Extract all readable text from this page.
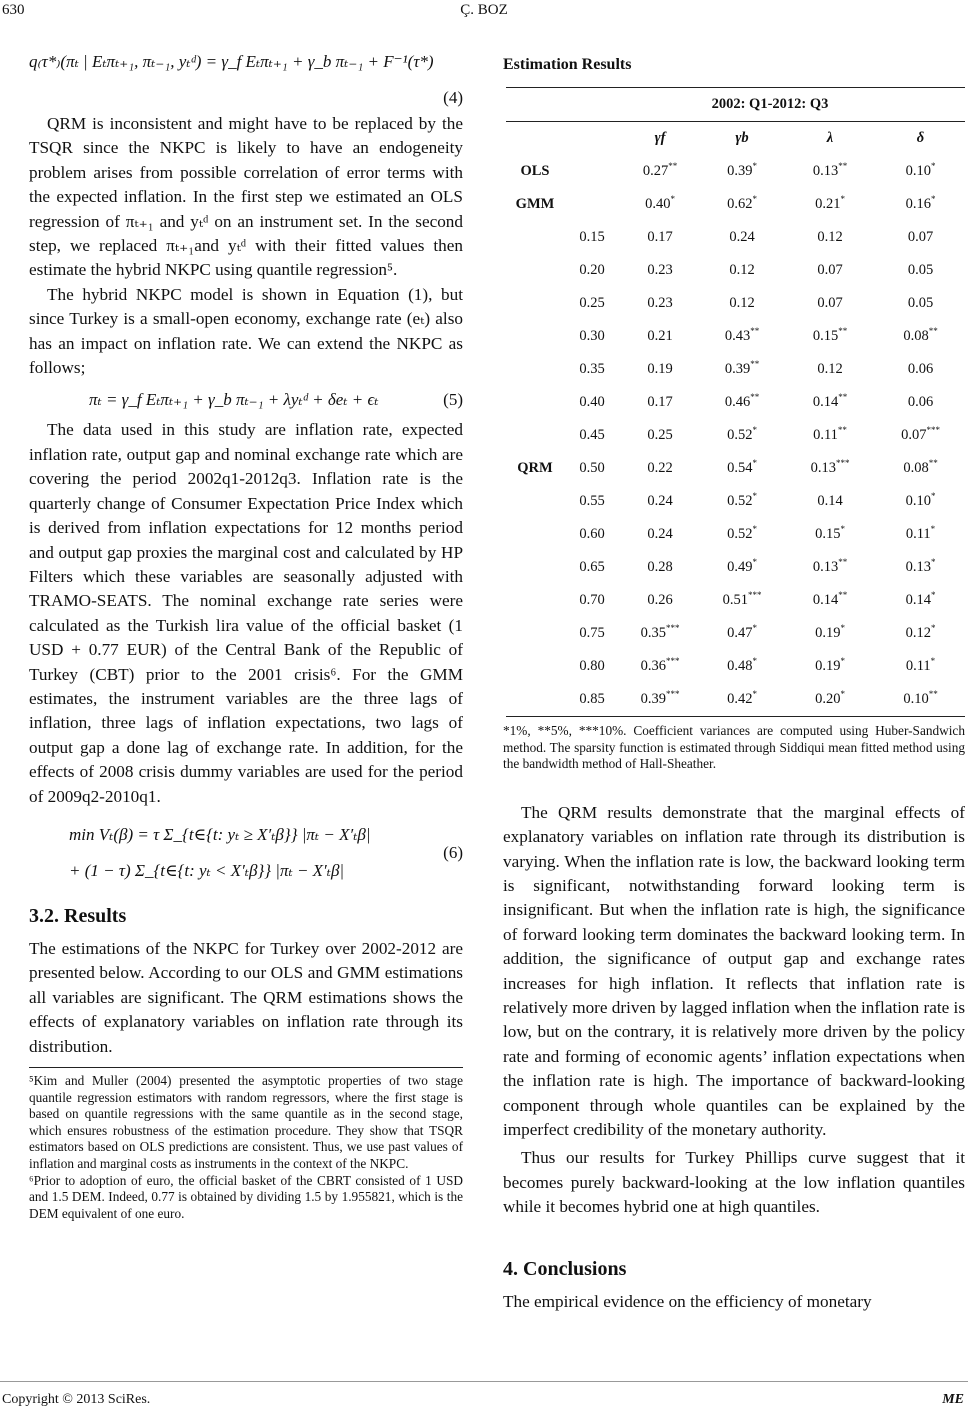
630	Ç. BOZ
q₍τ*₎(πₜ | Eₜπₜ₊₁, πₜ₋₁, yₜᵈ) = γ_f Eₜπₜ₊₁ + γ_b πₜ₋₁ + F⁻¹(τ*)
(4)

QRM is inconsistent and might have to be replaced by the TSQR since the NKPC is likely to have an endogeneity problem arises from possible correlation of error terms with the expected inflation. In the first step we estimated an OLS regression of πₜ₊₁ and yₜᵈ on an instrument set. In the second step, we replaced πₜ₊₁and yₜᵈ with their fitted values then estimate the hybrid NKPC using quantile regression⁵.

The hybrid NKPC model is shown in Equation (1), but since Turkey is a small-open economy, exchange rate (eₜ) also has an impact on inflation rate. We can extend the NKPC as follows;

πₜ = γ_f Eₜπₜ₊₁ + γ_b πₜ₋₁ + λyₜᵈ + δeₜ + ϵₜ	(5)

The data used in this study are inflation rate, expected inflation rate, output gap and nominal exchange rate which are covering the period 2002q1-2012q3. Inflation rate is the quarterly change of Consumer Expectation Price Index which is derived from inflation expectations for 12 months period and output gap proxies the marginal cost and calculated by HP Filters which these variables are seasonally adjusted with TRAMO-SEATS. The nominal exchange rate series were calculated as the Turkish lira value of the official basket (1 USD + 0.77 EUR) of the Central Bank of the Republic of Turkey (CBT) prior to the 2001 crisis⁶. For the GMM estimates, the instrument variables are the three lags of inflation, three lags of inflation expectations, two lags of output gap a done lag of exchange rate. In addition, for the effects of 2008 crisis dummy variables are used for the period of 2009q2-2010q1.

min Vₜ(β) = τ Σ_{t∈{t: yₜ ≥ X′ₜβ}} |πₜ − X′ₜβ|
+ (1 − τ) Σ_{t∈{t: yₜ < X′ₜβ}} |πₜ − X′ₜβ|
(6)
3.2. Results

The estimations of the NKPC for Turkey over 2002-2012 are presented below. According to our OLS and GMM estimations all variables are significant. The QRM estimations shows the effects of explanatory variables on inflation rate through its distribution.

⁵Kim and Muller (2004) presented the asymptotic properties of two stage quantile regression estimators with random regressors, where the first stage is based on quantile regressions with the same quantile as in the second stage, which ensures robustness of the estimation procedure. They show that TSQR estimators based on OLS predictions are consistent. Thus, we use past values of inflation and marginal costs as instruments in the context of the NKPC.

⁶Prior to adoption of euro, the official basket of the CBRT consisted of 1 USD and 1.5 DEM. Indeed, 0.77 is obtained by dividing 1.5 by 1.955821, which is the DEM equivalent of one euro.

Estimation Results
2002: Q1-2012: Q3
		γf	γb	λ	δ
OLS		0.27**	0.39*	0.13**	0.10*
GMM		0.40*	0.62*	0.21*	0.16*
	0.15	0.17	0.24	0.12	0.07
	0.20	0.23	0.12	0.07	0.05
	0.25	0.23	0.12	0.07	0.05
	0.30	0.21	0.43**	0.15**	0.08**
	0.35	0.19	0.39**	0.12	0.06
	0.40	0.17	0.46**	0.14**	0.06
	0.45	0.25	0.52*	0.11**	0.07***
QRM	0.50	0.22	0.54*	0.13***	0.08**
	0.55	0.24	0.52*	0.14	0.10*
	0.60	0.24	0.52*	0.15*	0.11*
	0.65	0.28	0.49*	0.13**	0.13*
	0.70	0.26	0.51***	0.14**	0.14*
	0.75	0.35***	0.47*	0.19*	0.12*
	0.80	0.36***	0.48*	0.19*	0.11*
	0.85	0.39***	0.42*	0.20*	0.10**

*1%, **5%, ***10%. Coefficient variances are computed using Huber-Sandwich method. The sparsity function is estimated through Siddiqui mean fitted method using the bandwidth method of Hall-Sheather.

The QRM results demonstrate that the marginal effects of explanatory variables on inflation rate through its distribution is varying. When the inflation rate is low, the backward looking term is significant, notwithstanding forward looking term is insignificant. But when the inflation rate is high, the significance of forward looking term dominates the backward looking term. In addition, the significance of output gap and exchange rates increases for high inflation. It reflects that inflation rate is relatively more driven by lagged inflation when the inflation rate is low, but on the contrary, it is relatively more driven by the policy rate and forming of economic agents’ inflation expectations when the inflation rate is high. The importance of backward-looking component through whole quantiles can be explained by the imperfect credibility of the monetary authority.

Thus our results for Turkey Phillips curve suggest that it becomes purely backward-looking at the low inflation quantiles while it becomes hybrid one at high quantiles.

4. Conclusions

The empirical evidence on the efficiency of monetary

Copyright © 2013 SciRes.	ME
